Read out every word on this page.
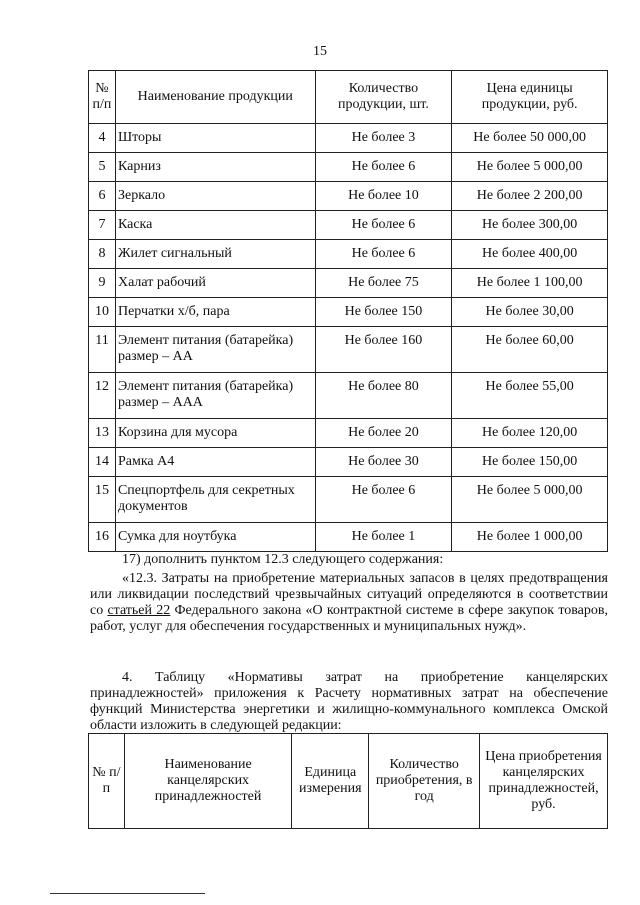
15
№ п/п	Наименование продукции	Количество продукции, шт.	Цена единицы продукции, руб.
4	Шторы	Не более 3	Не более 50 000,00
5	Карниз	Не более 6	Не более 5 000,00
6	Зеркало	Не более 10	Не более 2 200,00
7	Каска	Не более 6	Не более 300,00
8	Жилет сигнальный	Не более 6	Не более 400,00
9	Халат рабочий	Не более 75	Не более 1 100,00
10	Перчатки х/б, пара	Не более 150	Не более 30,00
11	Элемент питания (батарейка) размер – АА	Не более 160	Не более 60,00
12	Элемент питания (батарейка) размер – ААА	Не более 80	Не более 55,00
13	Корзина для мусора	Не более 20	Не более 120,00
14	Рамка А4	Не более 30	Не более 150,00
15	Спецпортфель для секретных документов	Не более 6	Не более 5 000,00
16	Сумка для ноутбука	Не более 1	Не более 1 000,00
17) дополнить пунктом 12.3 следующего содержания:
«12.3. Затраты на приобретение материальных запасов в целях предотвращения или ликвидации последствий чрезвычайных ситуаций определяются в соответствии со статьей 22 Федерального закона «О контрактной системе в сфере закупок товаров, работ, услуг для обеспечения государственных и муниципальных нужд».
4. Таблицу «Нормативы затрат на приобретение канцелярских принадлежностей» приложения к Расчету нормативных затрат на обеспечение функций Министерства энергетики и жилищно-коммунального комплекса Омской области изложить в следующей редакции:
№ п/п	Наименование канцелярских принадлежностей	Единица измерения	Количество приобретения, в год	Цена приобретения канцелярских принадлежностей, руб.
